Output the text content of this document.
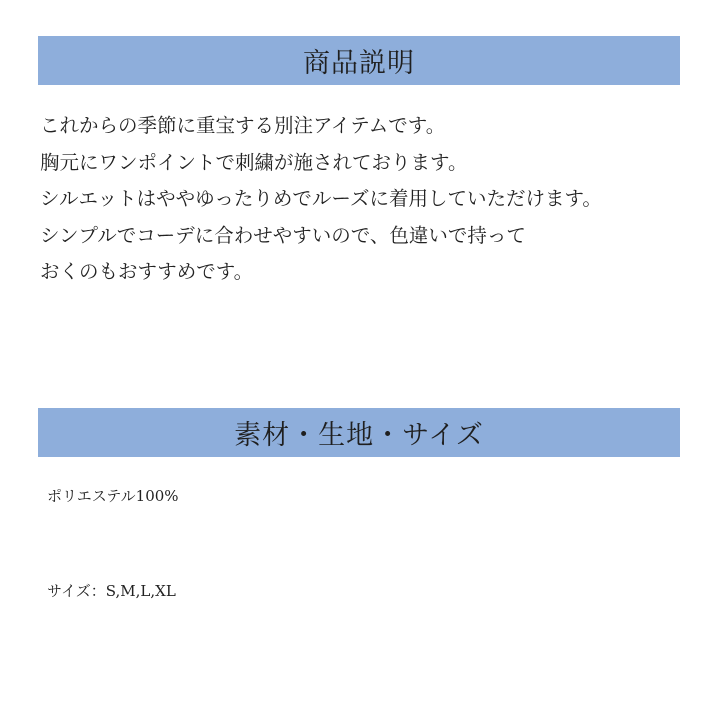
商品説明
これからの季節に重宝する別注アイテムです。
胸元にワンポイントで刺繍が施されております。
シルエットはややゆったりめでルーズに着用していただけます。
シンプルでコーデに合わせやすいので、色違いで持って
おくのもおすすめです。
素材・生地・サイズ
ポリエステル100%
サイズ：S,M,L,XL
